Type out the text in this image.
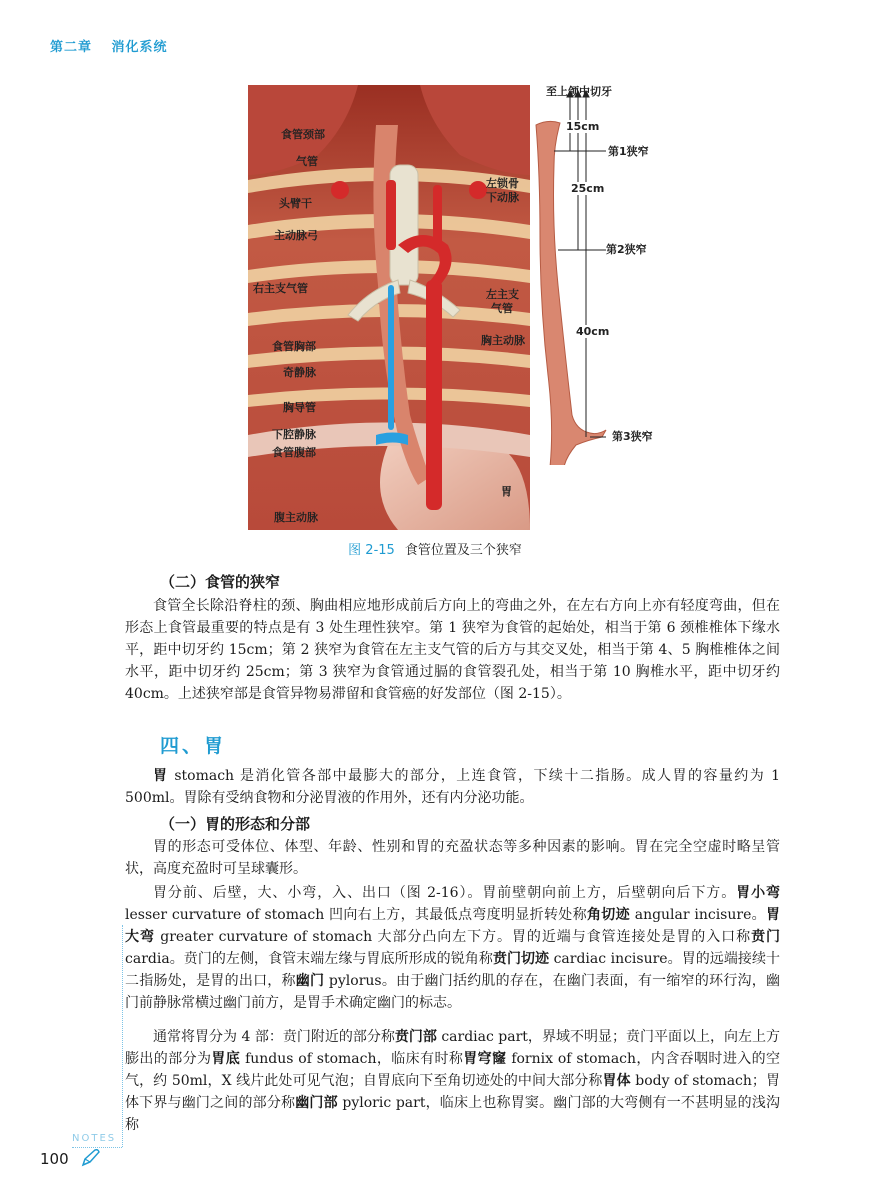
第二章 消化系统
食管颈部
气管
头臂干
主动脉弓
右主支气管
食管胸部
奇静脉
胸导管
下腔静脉
食管腹部
腹主动脉
左锁骨
下动脉
左主支
气管
胸主动脉
胃
至上颌中切牙
15cm
25cm
40cm
第1狭窄
第2狭窄
第3狭窄
图 2-15 食管位置及三个狭窄
（二）食管的狭窄

食管全长除沿脊柱的颈、胸曲相应地形成前后方向上的弯曲之外，在左右方向上亦有轻度弯曲，但在形态上食管最重要的特点是有 3 处生理性狭窄。第 1 狭窄为食管的起始处，相当于第 6 颈椎椎体下缘水平，距中切牙约 15cm；第 2 狭窄为食管在左主支气管的后方与其交叉处，相当于第 4、5 胸椎椎体之间水平，距中切牙约 25cm；第 3 狭窄为食管通过膈的食管裂孔处，相当于第 10 胸椎水平，距中切牙约 40cm。上述狭窄部是食管异物易滞留和食管癌的好发部位（图 2-15）。

四、胃

胃 stomach 是消化管各部中最膨大的部分，上连食管，下续十二指肠。成人胃的容量约为 1 500ml。胃除有受纳食物和分泌胃液的作用外，还有内分泌功能。

（一）胃的形态和分部

胃的形态可受体位、体型、年龄、性别和胃的充盈状态等多种因素的影响。胃在完全空虚时略呈管状，高度充盈时可呈球囊形。

胃分前、后壁，大、小弯，入、出口（图 2-16）。胃前壁朝向前上方，后壁朝向后下方。胃小弯 lesser curvature of stomach 凹向右上方，其最低点弯度明显折转处称角切迹 angular incisure。胃大弯 greater curvature of stomach 大部分凸向左下方。胃的近端与食管连接处是胃的入口称贲门 cardia。贲门的左侧，食管末端左缘与胃底所形成的锐角称贲门切迹 cardiac incisure。胃的远端接续十二指肠处，是胃的出口，称幽门 pylorus。由于幽门括约肌的存在，在幽门表面，有一缩窄的环行沟，幽门前静脉常横过幽门前方，是胃手术确定幽门的标志。

通常将胃分为 4 部：贲门附近的部分称贲门部 cardiac part，界域不明显；贲门平面以上，向左上方膨出的部分为胃底 fundus of stomach，临床有时称胃穹窿 fornix of stomach，内含吞咽时进入的空气，约 50ml，X 线片此处可见气泡；自胃底向下至角切迹处的中间大部分称胃体 body of stomach；胃体下界与幽门之间的部分称幽门部 pyloric part，临床上也称胃窦。幽门部的大弯侧有一不甚明显的浅沟称

NOTES
100
